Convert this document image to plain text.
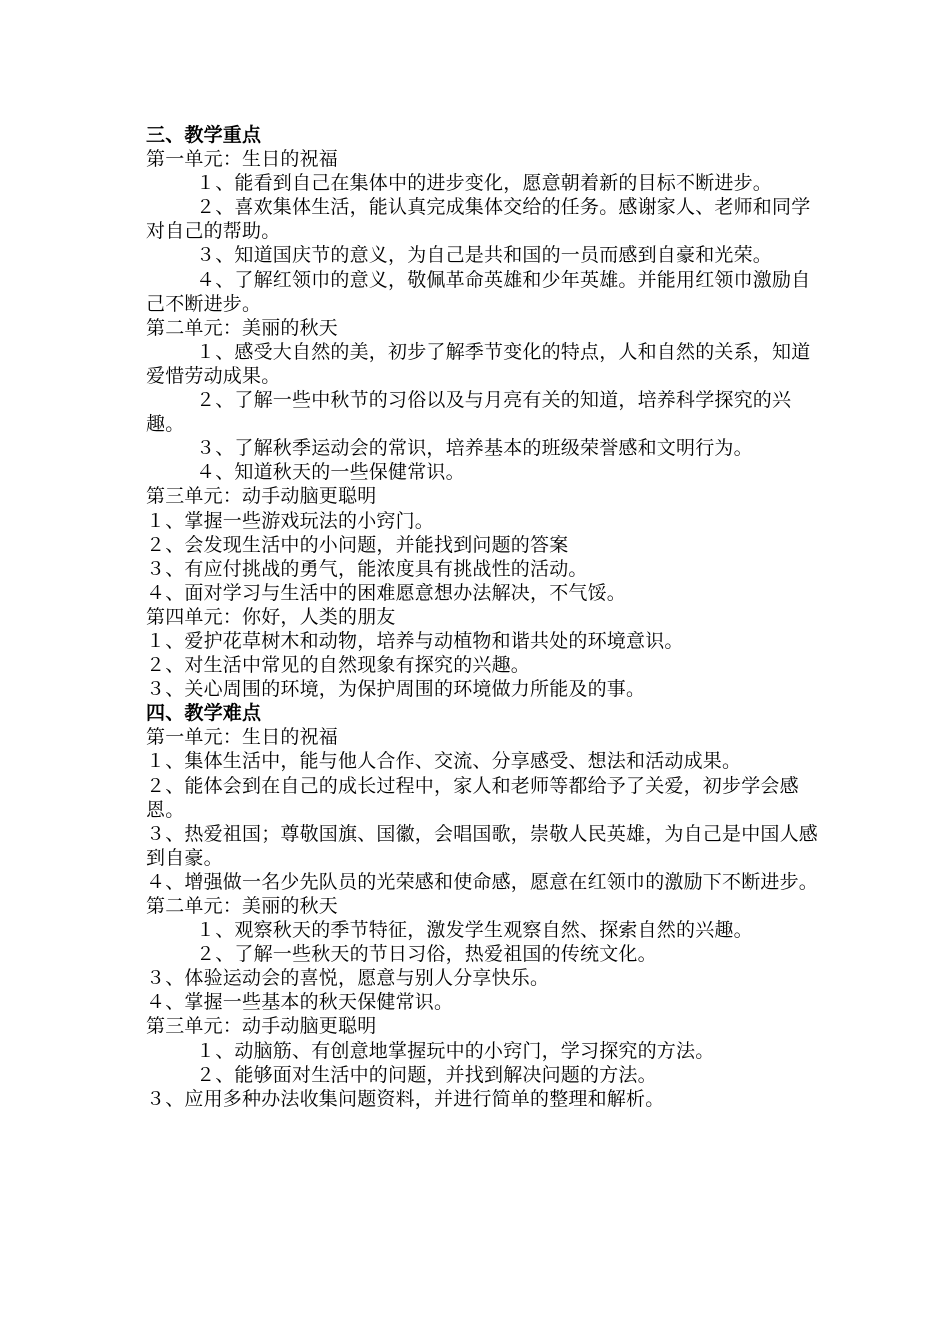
三、教学重点
第一单元：生日的祝福
１、能看到自己在集体中的进步变化，愿意朝着新的目标不断进步。
２、喜欢集体生活，能认真完成集体交给的任务。感谢家人、老师和同学对自己的帮助。
３、知道国庆节的意义，为自己是共和国的一员而感到自豪和光荣。
４、了解红领巾的意义，敬佩革命英雄和少年英雄。并能用红领巾激励自己不断进步。
第二单元：美丽的秋天
１、感受大自然的美，初步了解季节变化的特点，人和自然的关系，知道爱惜劳动成果。
２、了解一些中秋节的习俗以及与月亮有关的知道，培养科学探究的兴趣。
３、了解秋季运动会的常识，培养基本的班级荣誉感和文明行为。
４、知道秋天的一些保健常识。
第三单元：动手动脑更聪明
１、掌握一些游戏玩法的小窍门。
２、会发现生活中的小问题，并能找到问题的答案
３、有应付挑战的勇气，能浓度具有挑战性的活动。
４、面对学习与生活中的困难愿意想办法解决，不气馁。
第四单元：你好，人类的朋友
１、爱护花草树木和动物，培养与动植物和谐共处的环境意识。
２、对生活中常见的自然现象有探究的兴趣。
３、关心周围的环境，为保护周围的环境做力所能及的事。
四、教学难点
第一单元：生日的祝福
１、集体生活中，能与他人合作、交流、分享感受、想法和活动成果。
２、能体会到在自己的成长过程中，家人和老师等都给予了关爱，初步学会感恩。
３、热爱祖国；尊敬国旗、国徽，会唱国歌，崇敬人民英雄，为自己是中国人感到自豪。
４、增强做一名少先队员的光荣感和使命感，愿意在红领巾的激励下不断进步。
第二单元：美丽的秋天
１、观察秋天的季节特征，激发学生观察自然、探索自然的兴趣。
２、了解一些秋天的节日习俗，热爱祖国的传统文化。
３、体验运动会的喜悦，愿意与别人分享快乐。
４、掌握一些基本的秋天保健常识。
第三单元：动手动脑更聪明
１、动脑筋、有创意地掌握玩中的小窍门，学习探究的方法。
２、能够面对生活中的问题，并找到解决问题的方法。
３、应用多种办法收集问题资料，并进行简单的整理和解析。
